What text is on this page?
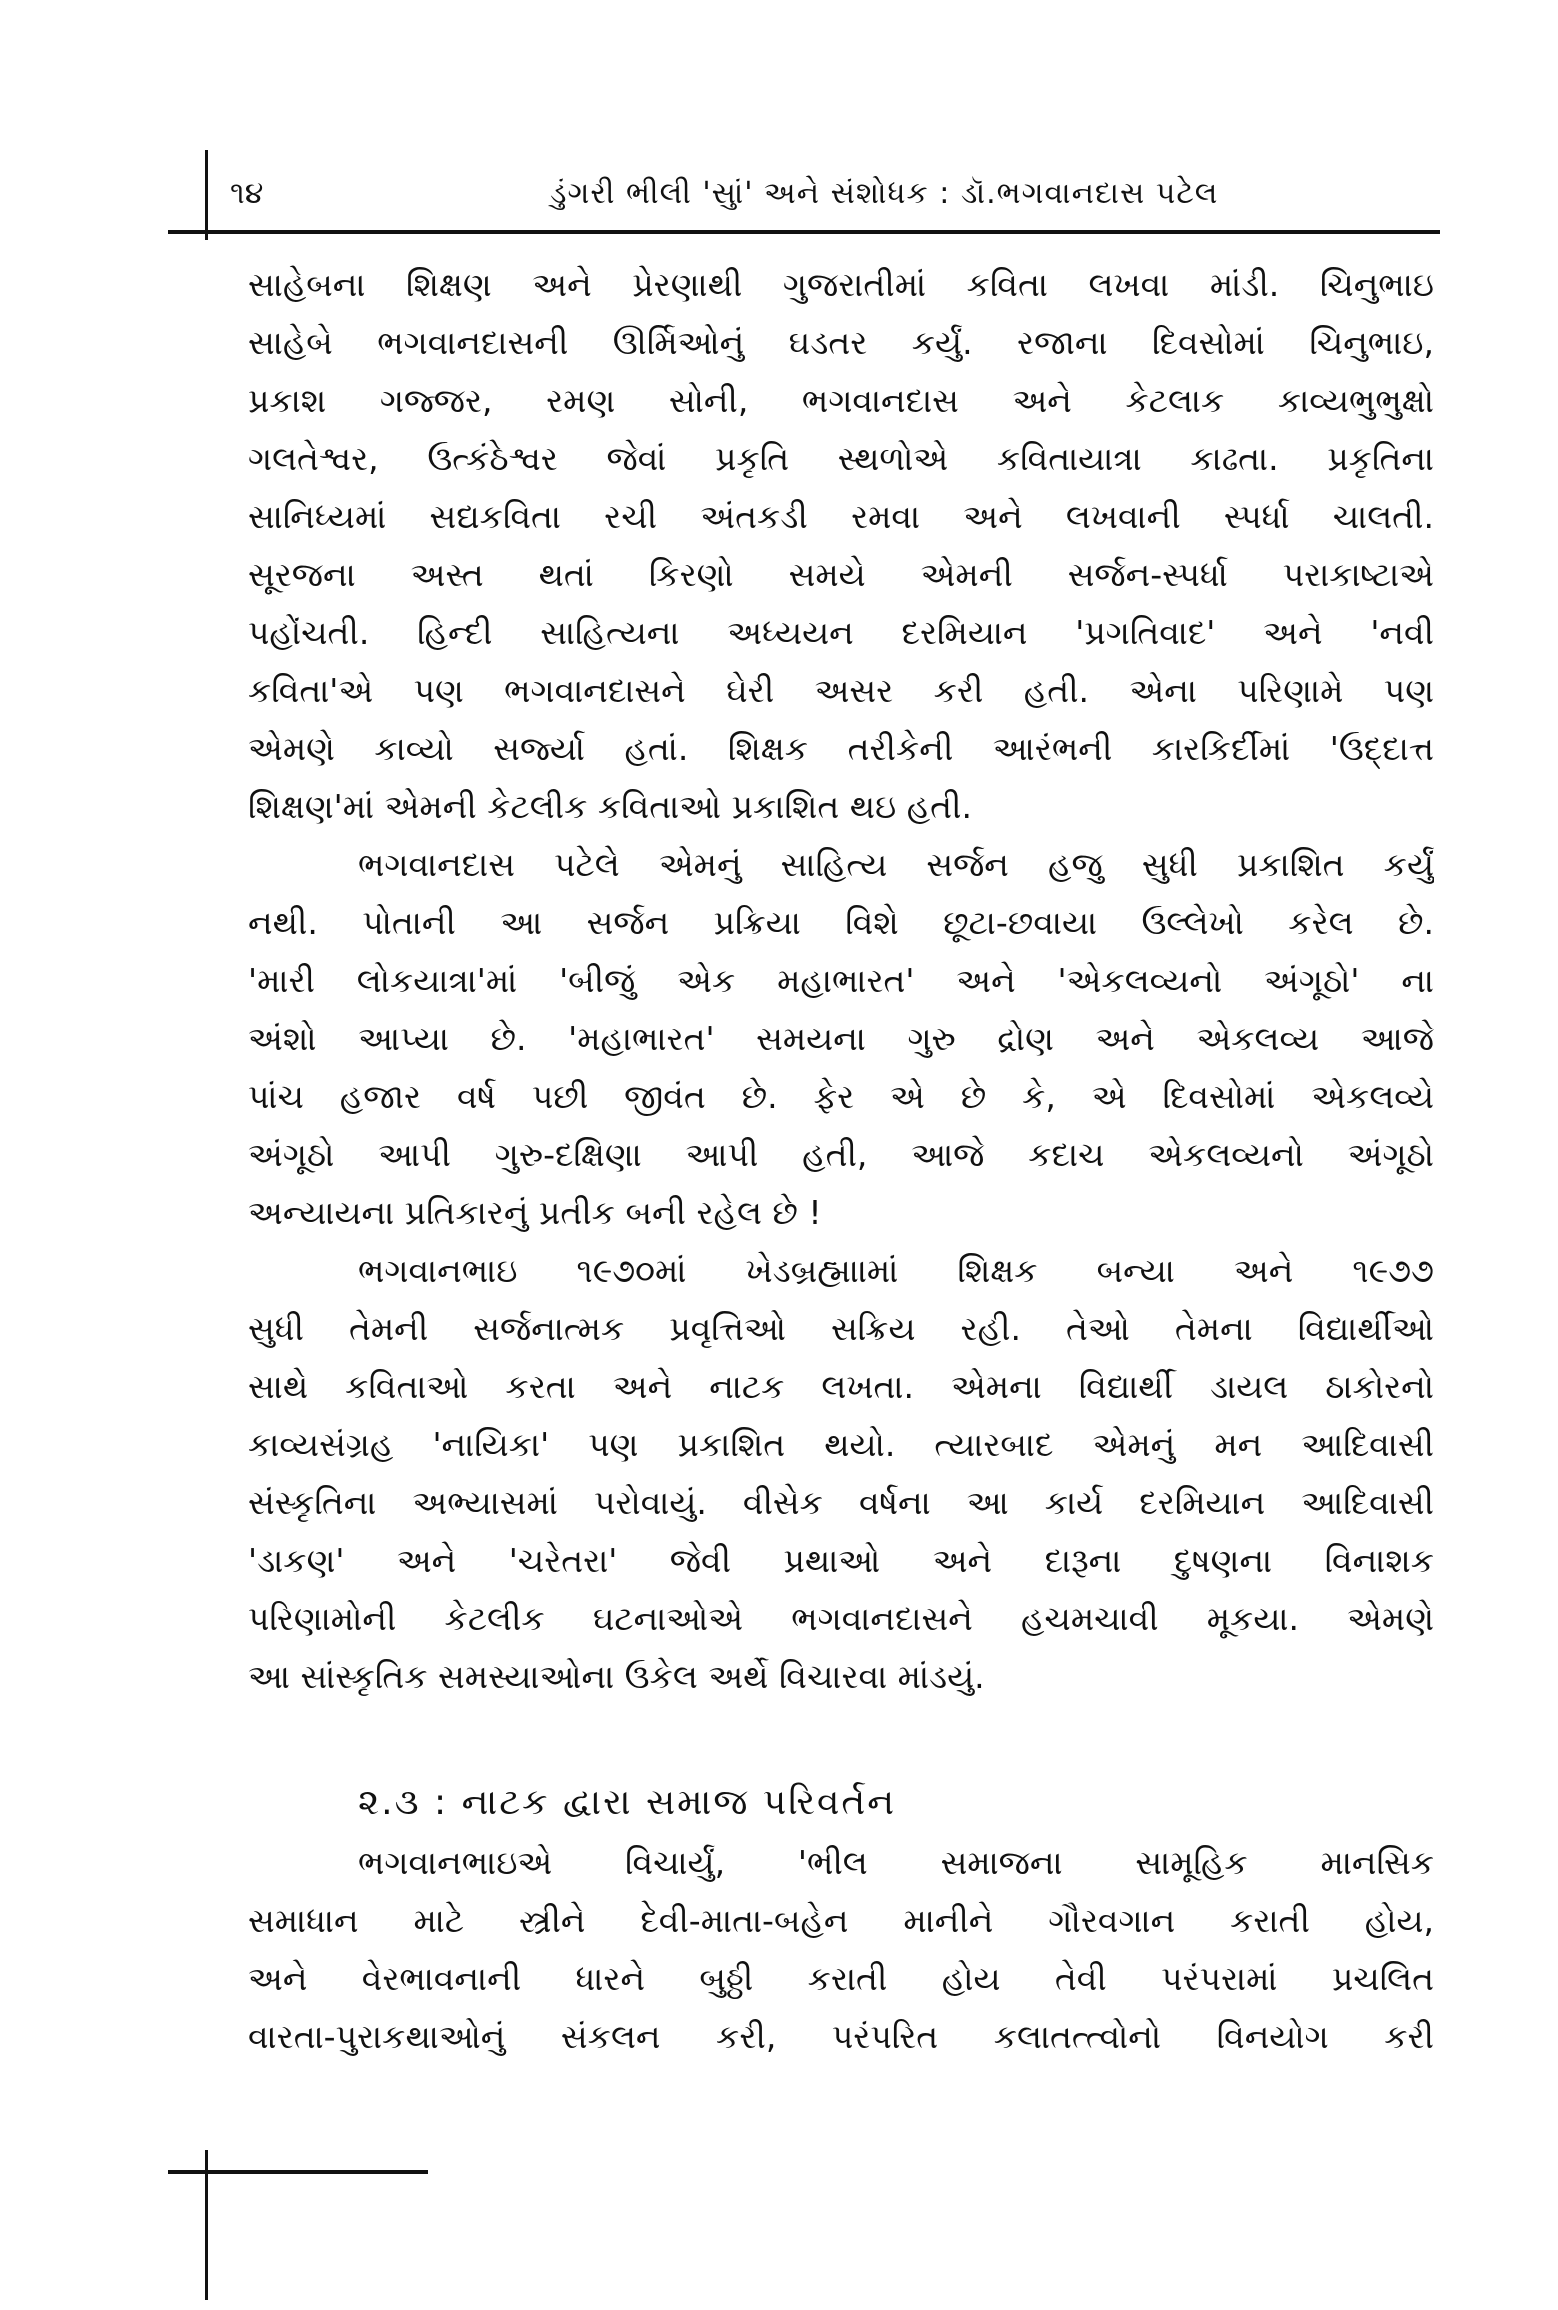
૧૪	ડુંગરી ભીલી 'સાું' અને સંશોધક : ડૉ.ભગવાનદાસ પટેલ
સાહેબના શિક્ષણ અને પ્રેરણાથી ગુજરાતીમાં કવિતા લખવા માંડી. ચિનુભાઇ
સાહેબે ભગવાનદાસની ઊર્મિઓનું ઘડતર કર્યું. રજાના દિવસોમાં ચિનુભાઇ,
પ્રકાશ ગજ્જર, રમણ સોની, ભગવાનદાસ અને કેટલાક કાવ્યભુભુક્ષો
ગલતેશ્વર, ઉત્કંઠેશ્વર જેવાં પ્રકૃતિ સ્થળોએ કવિતાયાત્રા કાઢતા. પ્રકૃતિના
સાનિધ્યમાં સદ્યકવિતા રચી અંતકડી રમવા અને લખવાની સ્પર્ધા ચાલતી.
સૂરજના અસ્ત થતાં કિરણો સમયે એમની સર્જન-સ્પર્ધા પરાકાષ્ટાએ
પહોંચતી. હિન્દી સાહિત્યના અધ્યયન દરમિયાન 'પ્રગતિવાદ' અને 'નવી
કવિતા'એ પણ ભગવાનદાસને ઘેરી અસર કરી હતી. એના પરિણામે પણ
એમણે કાવ્યો સર્જ્યા હતાં. શિક્ષક તરીકેની આરંભની કારકિર્દીમાં 'ઉદ્દાત્ત
શિક્ષણ'માં એમની કેટલીક કવિતાઓ પ્રકાશિત થઇ હતી.
ભગવાનદાસ પટેલે એમનું સાહિત્ય સર્જન હજુ સુધી પ્રકાશિત કર્યું
નથી. પોતાની આ સર્જન પ્રક્રિયા વિશે છૂટા-છવાયા ઉલ્લેખો કરેલ છે.
'મારી લોકયાત્રા'માં 'બીજું એક મહાભારત' અને 'એકલવ્યનો અંગૂઠો' ના
અંશો આપ્યા છે. 'મહાભારત' સમયના ગુરુ દ્રોણ અને એકલવ્ય આજે
પાંચ હજાર વર્ષ પછી જીવંત છે. ફેર એ છે કે, એ દિવસોમાં એકલવ્યે
અંગૂઠો આપી ગુરુ-દક્ષિણા આપી હતી, આજે કદાચ એકલવ્યનો અંગૂઠો
અન્યાયના પ્રતિકારનું પ્રતીક બની રહેલ છે !
ભગવાનભાઇ ૧૯૭૦માં ખેડબ્રહ્માામાં શિક્ષક બન્યા અને ૧૯૭૭
સુધી તેમની સર્જનાત્મક પ્રવૃત્તિઓ સક્રિય રહી. તેઓ તેમના વિદ્યાર્થીઓ
સાથે કવિતાઓ કરતા અને નાટક લખતા. એમના વિદ્યાર્થી ડાયલ ઠાકોરનો
કાવ્યસંગ્રહ 'નાયિકા' પણ પ્રકાશિત થયો. ત્યારબાદ એમનું મન આદિવાસી
સંસ્કૃતિના અભ્યાસમાં પરોવાયું. વીસેક વર્ષના આ કાર્ય દરમિયાન આદિવાસી
'ડાકણ' અને 'ચરેતરા' જેવી પ્રથાઓ અને દારૂના દુષણના વિનાશક
પરિણામોની કેટલીક ઘટનાઓએ ભગવાનદાસને હચમચાવી મૂકયા. એમણે
આ સાંસ્કૃતિક સમસ્યાઓના ઉકેલ અર્થે વિચારવા માંડયું.
૨.૩ : નાટક દ્વારા સમાજ પરિવર્તન
ભગવાનભાઇએ વિચાર્યું, 'ભીલ સમાજના સામૂહિક માનસિક
સમાધાન માટે સ્ત્રીને દેવી-માતા-બહેન માનીને ગૌરવગાન કરાતી હોય,
અને વેરભાવનાની ધારને બુઠ્ઠી કરાતી હોય તેવી પરંપરામાં પ્રચલિત
વારતા-પુરાકથાઓનું સંકલન કરી, પરંપરિત કલાતત્ત્વોનો વિનયોગ કરી
